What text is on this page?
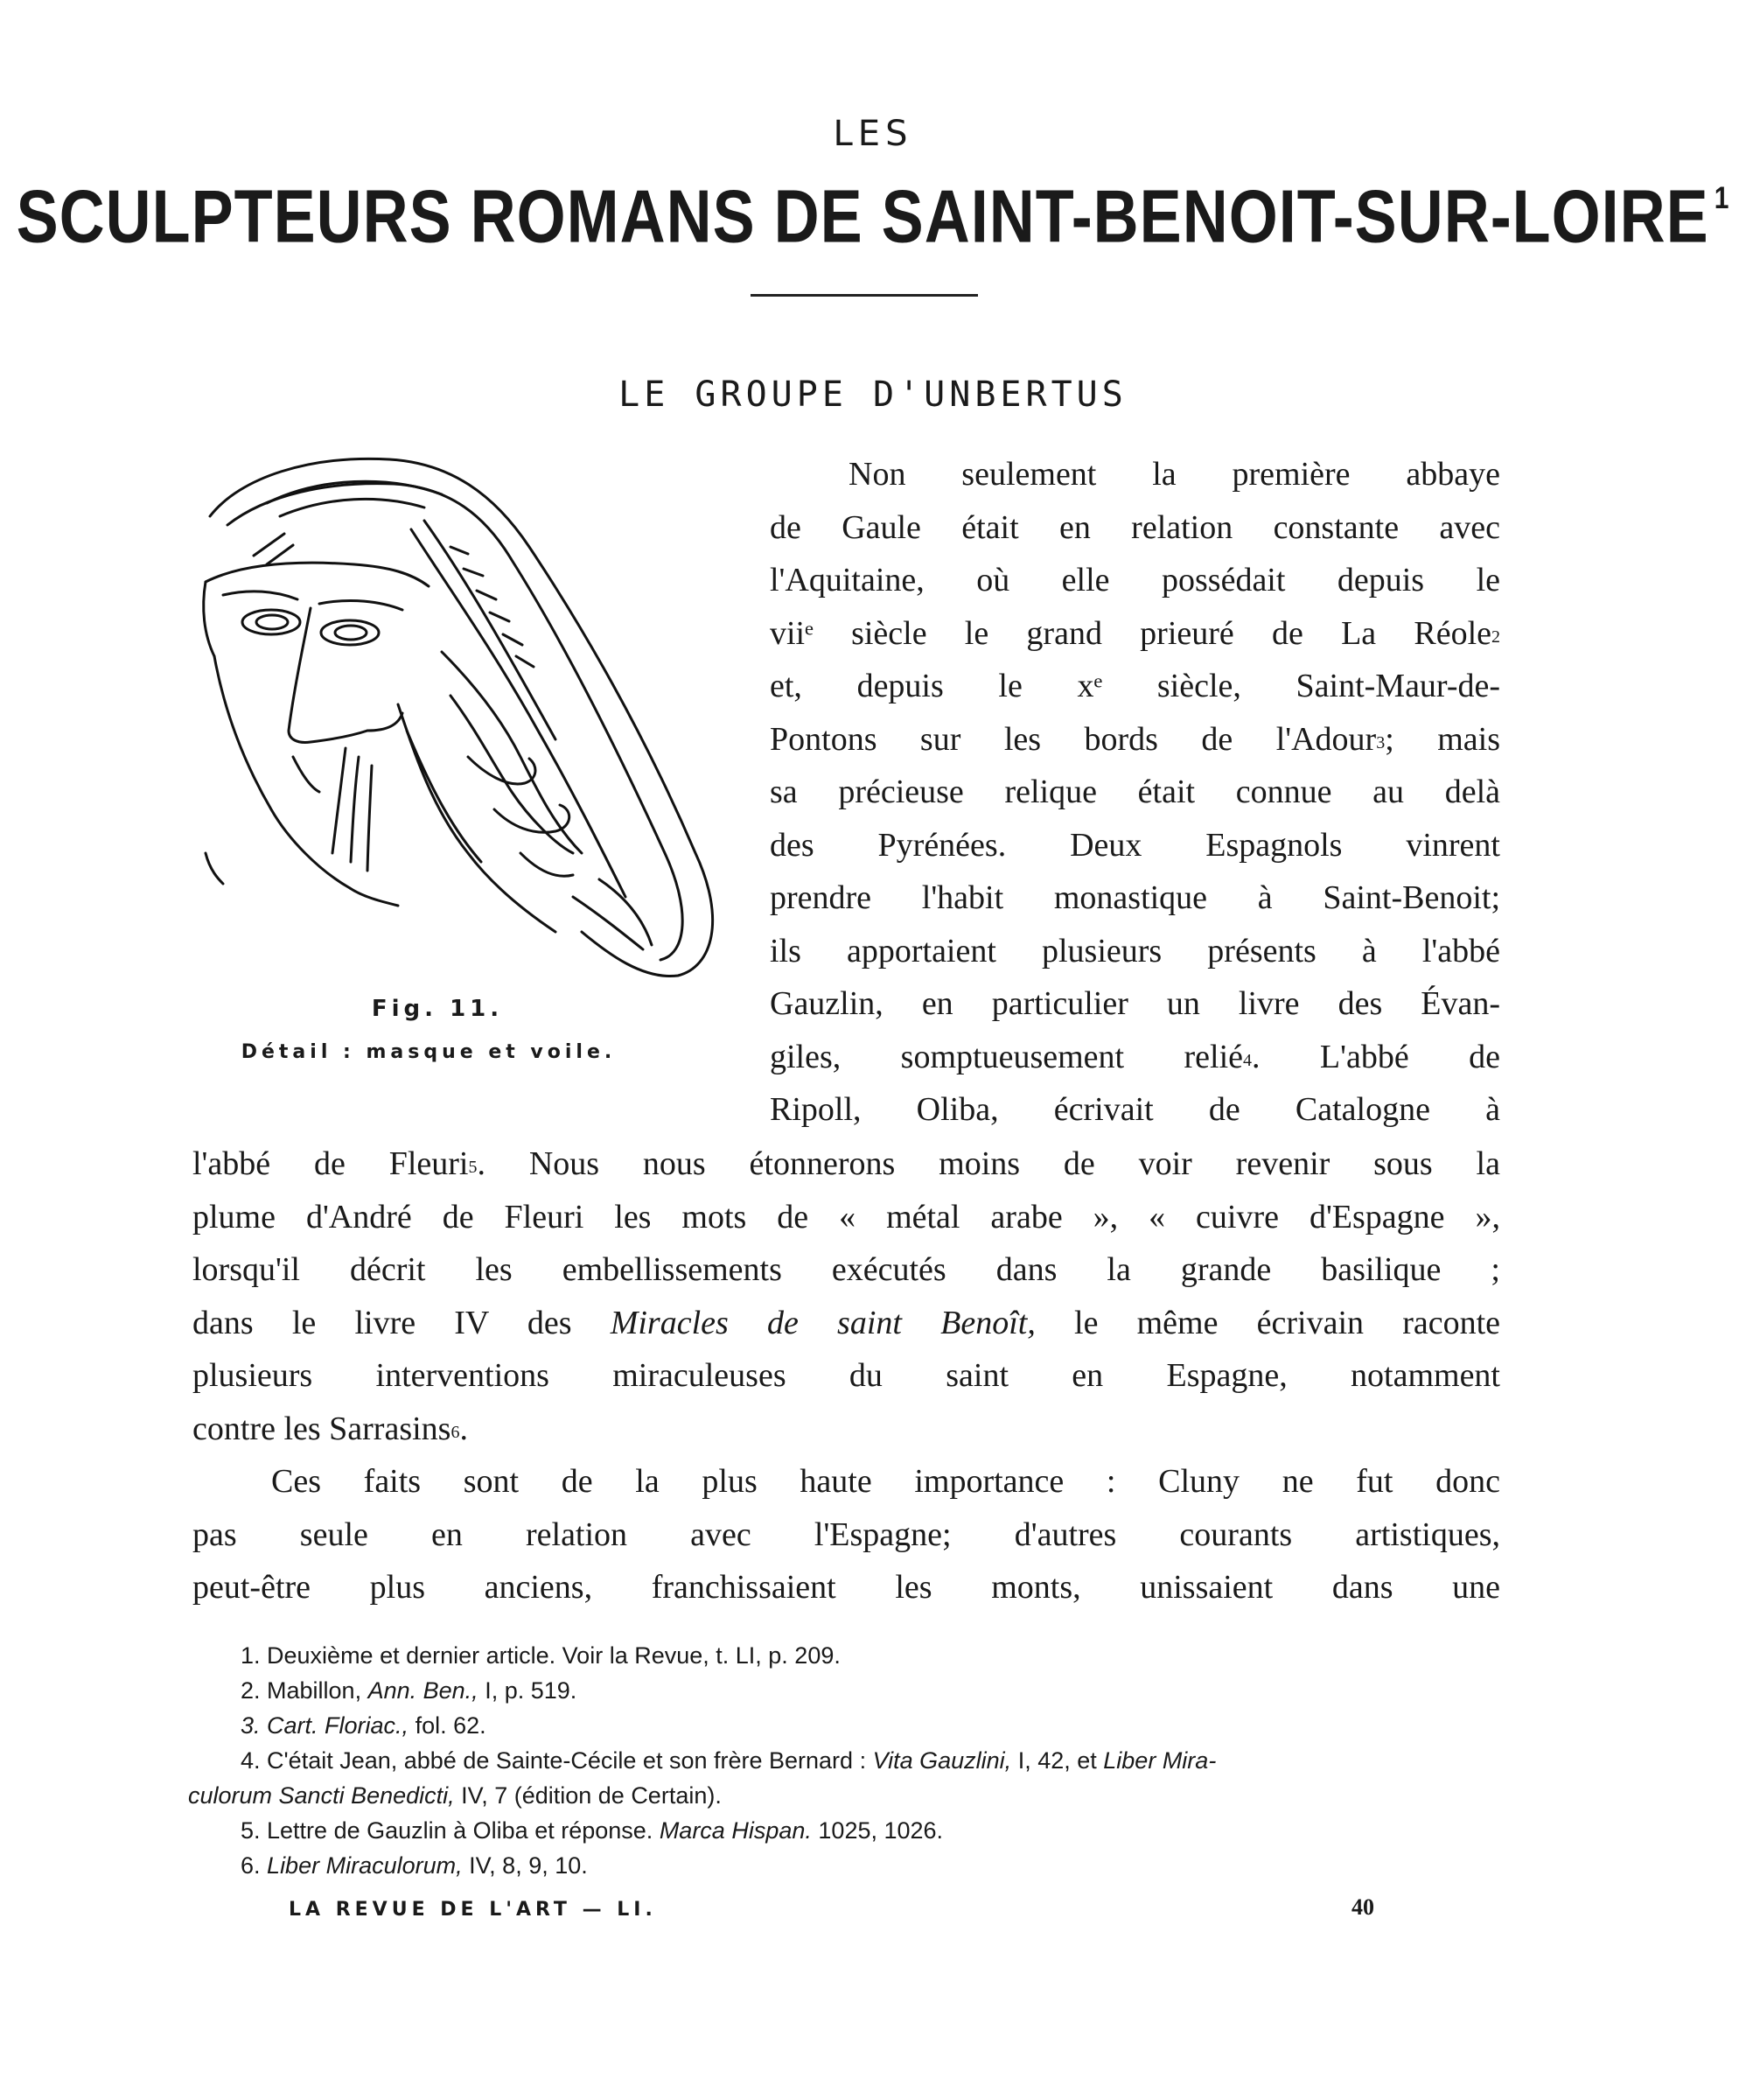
LES
SCULPTEURS ROMANS DE SAINT-BENOIT-SUR-LOIRE $^1$
LE GROUPE D'UNBERTUS
Fig. 11.
Détail : masque et voile.
Non seulement la première abbaye
de Gaule était en relation constante avec
l'Aquitaine, où elle possédait depuis le
viiᵉ siècle le grand prieuré de La Réole$^2$
et, depuis le xᵉ siècle, Saint-Maur-de-
Pontons sur les bords de l'Adour$^3$; mais
sa précieuse relique était connue au delà
des Pyrénées. Deux Espagnols vinrent
prendre l'habit monastique à Saint-Benoit;
ils apportaient plusieurs présents à l'abbé
Gauzlin, en particulier un livre des Évan-
giles, somptueusement relié$^4$. L'abbé de
Ripoll, Oliba, écrivait de Catalogne à
l'abbé de Fleuri$^5$. Nous nous étonnerons moins de voir revenir sous la
plume d'André de Fleuri les mots de « métal arabe », « cuivre d'Espagne »,
lorsqu'il décrit les embellissements exécutés dans la grande basilique ;
dans le livre IV des Miracles de saint Benoît, le même écrivain raconte
plusieurs interventions miraculeuses du saint en Espagne, notamment
contre les Sarrasins$^6$.
Ces faits sont de la plus haute importance : Cluny ne fut donc
pas seule en relation avec l'Espagne; d'autres courants artistiques,
peut-être plus anciens, franchissaient les monts, unissaient dans une
1. Deuxième et dernier article. Voir la Revue, t. LI, p. 209.
2. Mabillon, Ann. Ben., I, p. 519.
3. Cart. Floriac., fol. 62.
4. C'était Jean, abbé de Sainte-Cécile et son frère Bernard : Vita Gauzlini, I, 42, et Liber Mira-
culorum Sancti Benedicti, IV, 7 (édition de Certain).
5. Lettre de Gauzlin à Oliba et réponse. Marca Hispan. 1025, 1026.
6. Liber Miraculorum, IV, 8, 9, 10.
LA REVUE DE L'ART — LI.	40
